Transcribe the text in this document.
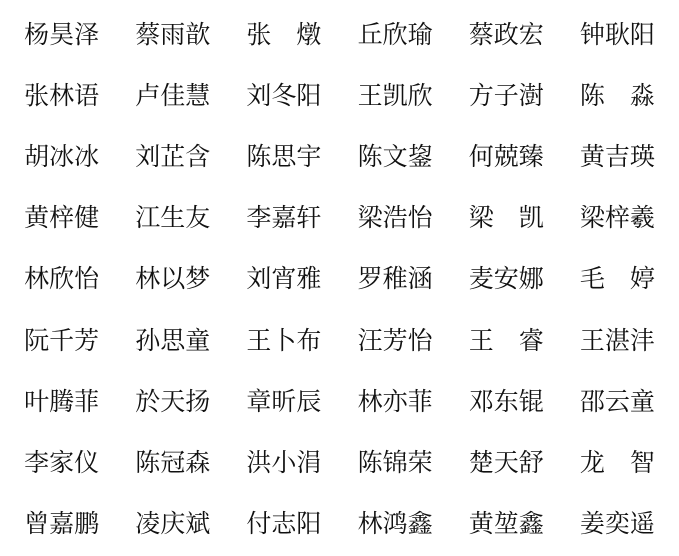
杨昊泽 蔡雨歆 张　燉 丘欣瑜 蔡政宏 钟耿阳
张林语 卢佳慧 刘冬阳 王凯欣 方子澍 陈　淼
胡冰冰 刘芷含 陈思宇 陈文鋆 何兢臻 黄吉瑛
黄梓健 江生友 李嘉轩 梁浩怡 梁　凯 梁梓羲
林欣怡 林以梦 刘宵雅 罗稚涵 麦安娜 毛　婷
阮千芳 孙思童 王卜布 汪芳怡 王　睿 王湛沣
叶腾菲 於天扬 章昕辰 林亦菲 邓东锟 邵云童
李家仪 陈冠森 洪小涓 陈锦荣 楚天舒 龙　智
曾嘉鹏 凌庆斌 付志阳 林鸿鑫 黄堃鑫 姜奕遥
